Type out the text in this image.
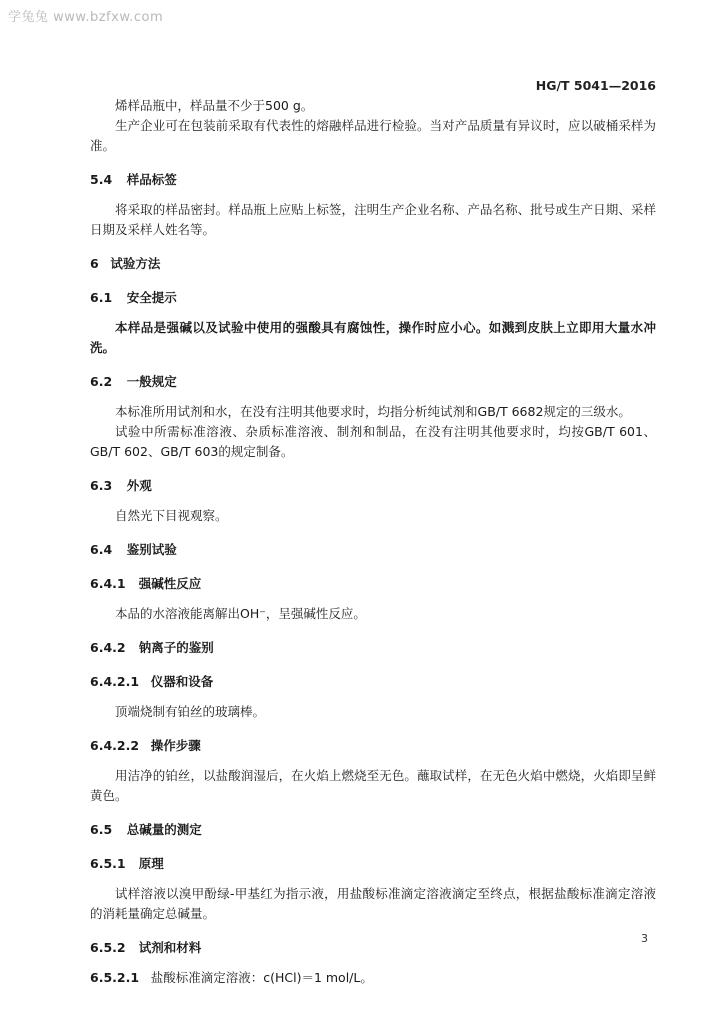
学兔兔 www.bzfxw.com
HG/T 5041—2016

烯样品瓶中，样品量不少于500 g。

生产企业可在包装前采取有代表性的熔融样品进行检验。当对产品质量有异议时，应以破桶采样为准。

5.4 样品标签

将采取的样品密封。样品瓶上应贴上标签，注明生产企业名称、产品名称、批号或生产日期、采样日期及采样人姓名等。

6 试验方法

6.1 安全提示

本样品是强碱以及试验中使用的强酸具有腐蚀性，操作时应小心。如溅到皮肤上立即用大量水冲洗。

6.2 一般规定

本标准所用试剂和水，在没有注明其他要求时，均指分析纯试剂和GB/T 6682规定的三级水。

试验中所需标准溶液、杂质标准溶液、制剂和制品，在没有注明其他要求时，均按GB/T 601、GB/T 602、GB/T 603的规定制备。

6.3 外观

自然光下目视观察。

6.4 鉴别试验

6.4.1 强碱性反应

本品的水溶液能离解出OH⁻，呈强碱性反应。

6.4.2 钠离子的鉴别

6.4.2.1 仪器和设备

顶端烧制有铂丝的玻璃棒。

6.4.2.2 操作步骤

用洁净的铂丝，以盐酸润湿后，在火焰上燃烧至无色。蘸取试样，在无色火焰中燃烧，火焰即呈鲜黄色。

6.5 总碱量的测定

6.5.1 原理

试样溶液以溴甲酚绿-甲基红为指示液，用盐酸标准滴定溶液滴定至终点，根据盐酸标准滴定溶液的消耗量确定总碱量。

6.5.2 试剂和材料

6.5.2.1 盐酸标准滴定溶液：c(HCl)＝1 mol/L。

3
